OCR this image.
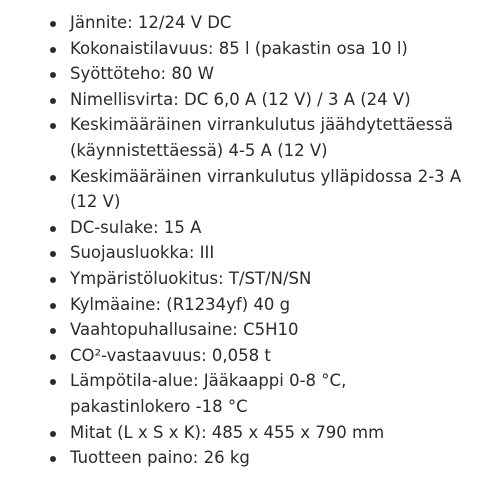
Jännite: 12/24 V DC
Kokonaistilavuus: 85 l (pakastin osa 10 l)
Syöttöteho: 80 W
Nimellisvirta: DC 6,0 A (12 V) / 3 A (24 V)
Keskimääräinen virrankulutus jäähdytettäessä (käynnistettäessä) 4-5 A (12 V)
Keskimääräinen virrankulutus ylläpidossa 2-3 A (12 V)
DC-sulake: 15 A
Suojausluokka: III
Ympäristöluokitus: T/ST/N/SN
Kylmäaine: (R1234yf) 40 g
Vaahtopuhallusaine: C5H10
CO²-vastaavuus: 0,058 t
Lämpötila-alue: Jääkaappi 0-8 °C, pakastinlokero -18 °C
Mitat (L x S x K): 485 x 455 x 790 mm
Tuotteen paino: 26 kg
